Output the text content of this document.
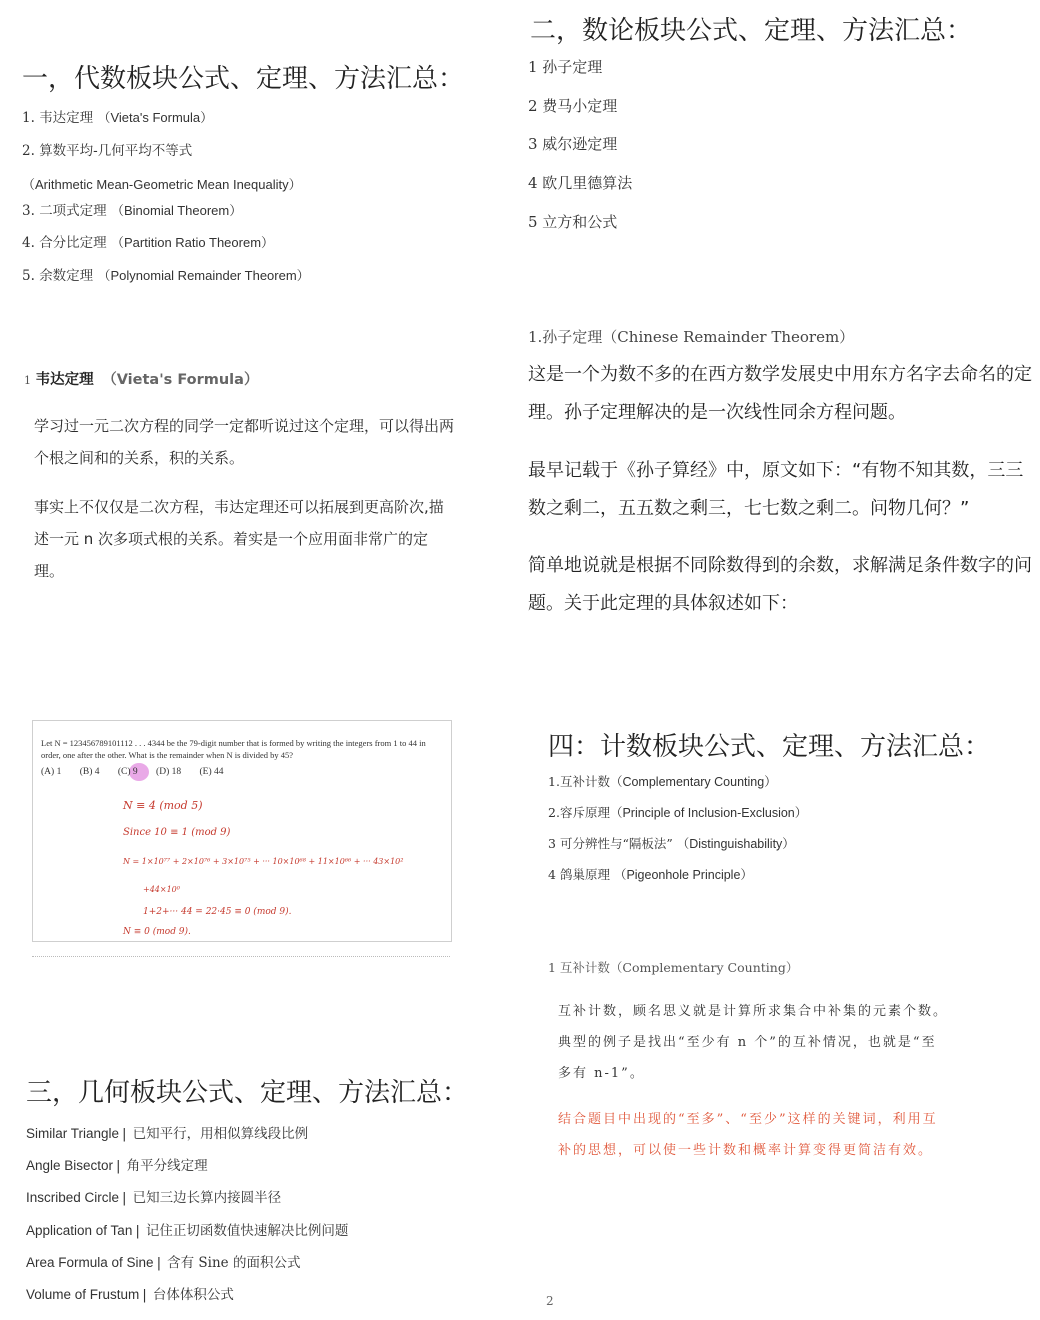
一，代数板块公式、定理、方法汇总：
1. 韦达定理 （Vieta's Formula）
2. 算数平均-几何平均不等式 （Arithmetic Mean-Geometric Mean Inequality）
3. 二项式定理 （Binomial Theorem）
4. 合分比定理 （Partition Ratio Theorem）
5. 余数定理 （Polynomial Remainder Theorem）
1 韦达定理 （Vieta's Formula）
学习过一元二次方程的同学一定都听说过这个定理，可以得出两个根之间和的关系，积的关系。
事实上不仅仅是二次方程，韦达定理还可以拓展到更高阶次,描述一元 n 次多项式根的关系。着实是一个应用面非常广的定理。
二，数论板块公式、定理、方法汇总：
1 孙子定理
2 费马小定理
3 威尔逊定理
4 欧几里德算法
5 立方和公式
1.孙子定理（Chinese Remainder Theorem）
这是一个为数不多的在西方数学发展史中用东方名字去命名的定理。孙子定理解决的是一次线性同余方程问题。
最早记载于《孙子算经》中，原文如下：“有物不知其数，三三数之剩二，五五数之剩三，七七数之剩二。问物几何？”
简单地说就是根据不同除数得到的余数，求解满足条件数字的问题。关于此定理的具体叙述如下：
Let N = 123456789101112 . . . 4344 be the 79-digit number that is formed by writing the integers from 1 to 44 in order, one after the other. What is the remainder when N is divided by 45?
(A) 1 (B) 4 (C) 9 (D) 18 (E) 44
N ≡ 4 (mod 5)
Since 10 ≡ 1 (mod 9)
N = 1×10⁷⁷ + 2×10⁷⁶ + 3×10⁷⁵ + ··· 10×10⁶⁸ + 11×10⁶⁶ + ··· 43×10²
+44×10⁰
1+2+··· 44 = 22·45 ≡ 0 (mod 9).
N ≡ 0 (mod 9).
三，几何板块公式、定理、方法汇总：
Similar Triangle | 已知平行，用相似算线段比例
Angle Bisector | 角平分线定理
Inscribed Circle | 已知三边长算内接圆半径
Application of Tan | 记住正切函数值快速解决比例问题
Area Formula of Sine | 含有 Sine 的面积公式
Volume of Frustum | 台体体积公式
四：计数板块公式、定理、方法汇总：
1.互补计数（Complementary Counting）
2.容斥原理（Principle of Inclusion-Exclusion）
3 可分辨性与“隔板法” （Distinguishability）
4 鸽巢原理 （Pigeonhole Principle）
1 互补计数（Complementary Counting）
互补计数，顾名思义就是计算所求集合中补集的元素个数。典型的例子是找出“至少有 n 个”的互补情况，也就是“至多有 n-1”。
结合题目中出现的“至多”、“至少”这样的关键词，利用互补的思想，可以使一些计数和概率计算变得更简洁有效。
2
